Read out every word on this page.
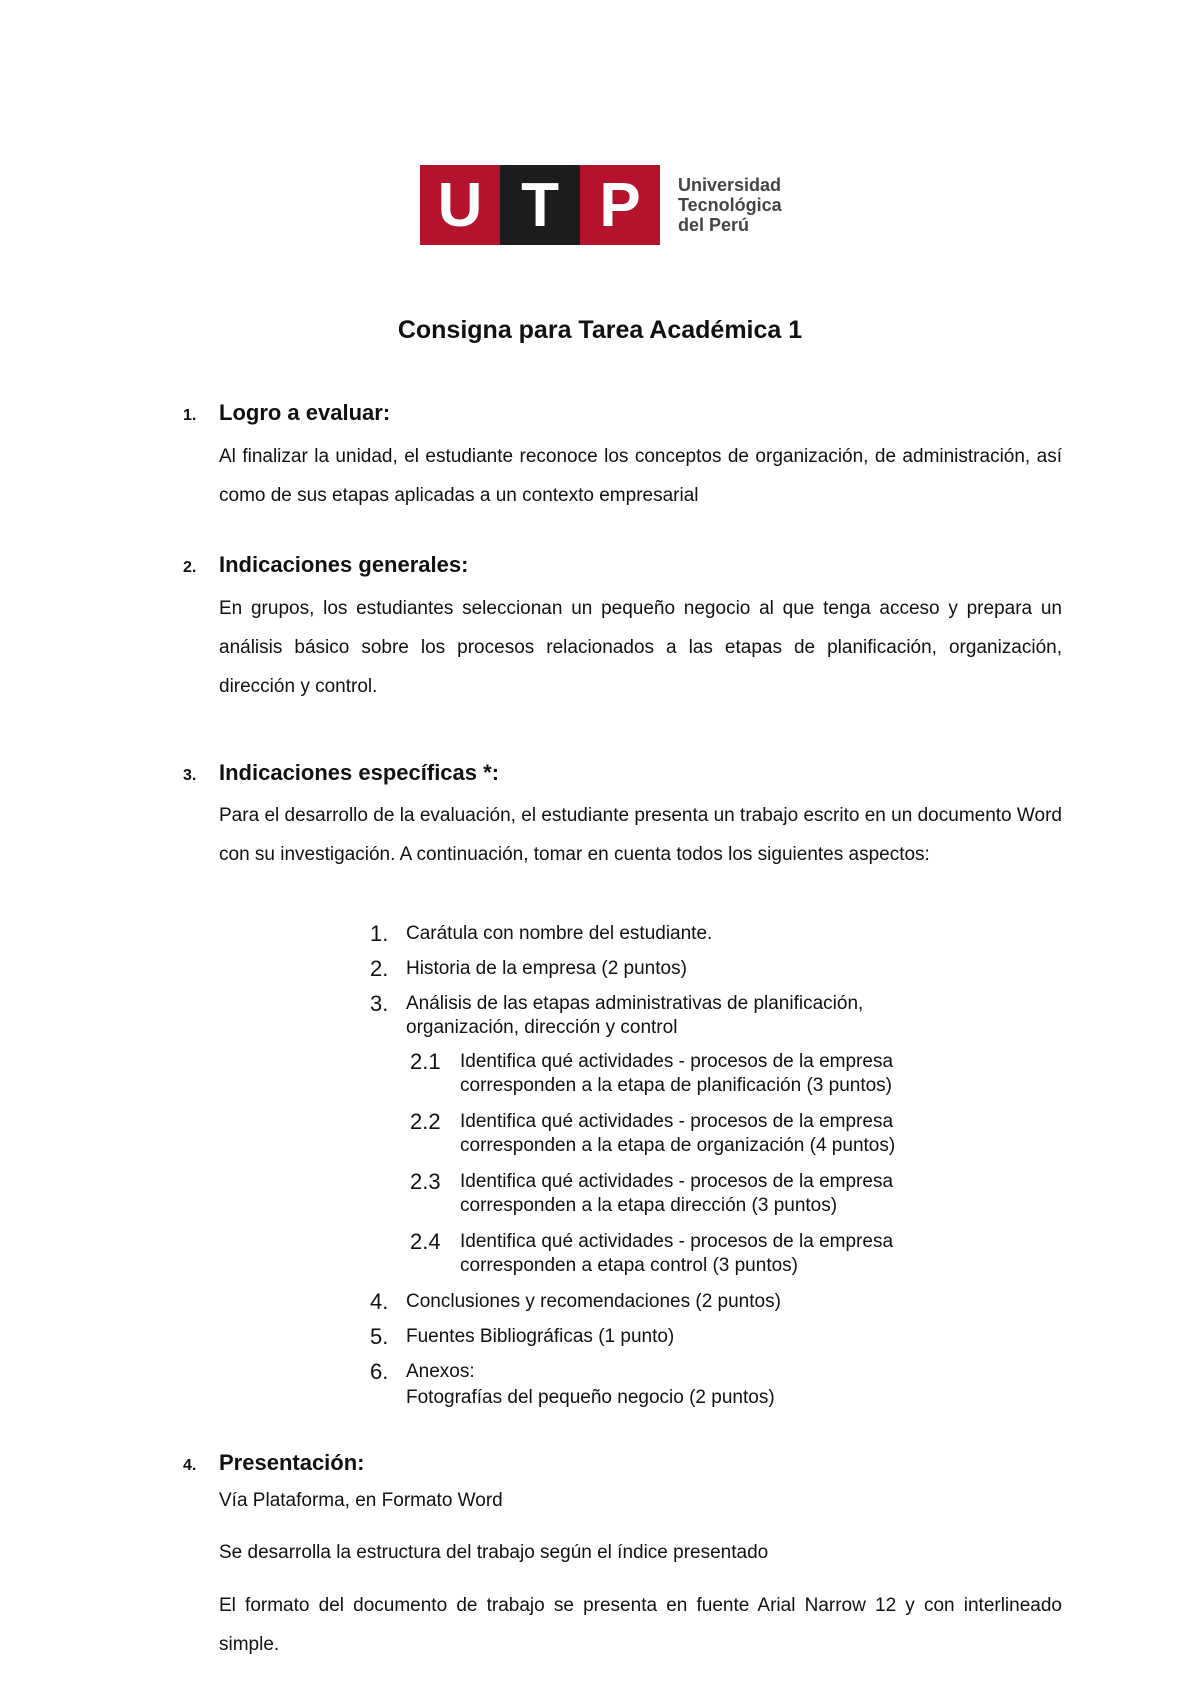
U T P	Universidad
Tecnológica
del Perú
Consigna para Tarea Académica 1
1. Logro a evaluar:
Al finalizar la unidad, el estudiante reconoce los conceptos de organización, de administración, así como de sus etapas aplicadas a un contexto empresarial
2. Indicaciones generales:
En grupos, los estudiantes seleccionan un pequeño negocio al que tenga acceso y prepara un análisis básico sobre los procesos relacionados a las etapas de planificación, organización, dirección y control.
3. Indicaciones específicas *:
Para el desarrollo de la evaluación, el estudiante presenta un trabajo escrito en un documento Word con su investigación. A continuación, tomar en cuenta todos los siguientes aspectos:
1. Carátula con nombre del estudiante.
2. Historia de la empresa (2 puntos)
3. Análisis de las etapas administrativas de planificación, organización, dirección y control
2.1	Identifica qué actividades - procesos de la empresa corresponden a la etapa de planificación (3 puntos)
2.2	Identifica qué actividades - procesos de la empresa corresponden a la etapa de organización (4 puntos)
2.3	Identifica qué actividades - procesos de la empresa corresponden a la etapa dirección (3 puntos)
2.4	Identifica qué actividades - procesos de la empresa corresponden a etapa control (3 puntos)
4. Conclusiones y recomendaciones (2 puntos)
5. Fuentes Bibliográficas (1 punto)
6. Anexos:
Fotografías del pequeño negocio (2 puntos)
4. Presentación:
Vía Plataforma, en Formato Word
Se desarrolla la estructura del trabajo según el índice presentado
El formato del documento de trabajo se presenta en fuente Arial Narrow 12 y con interlineado simple.
